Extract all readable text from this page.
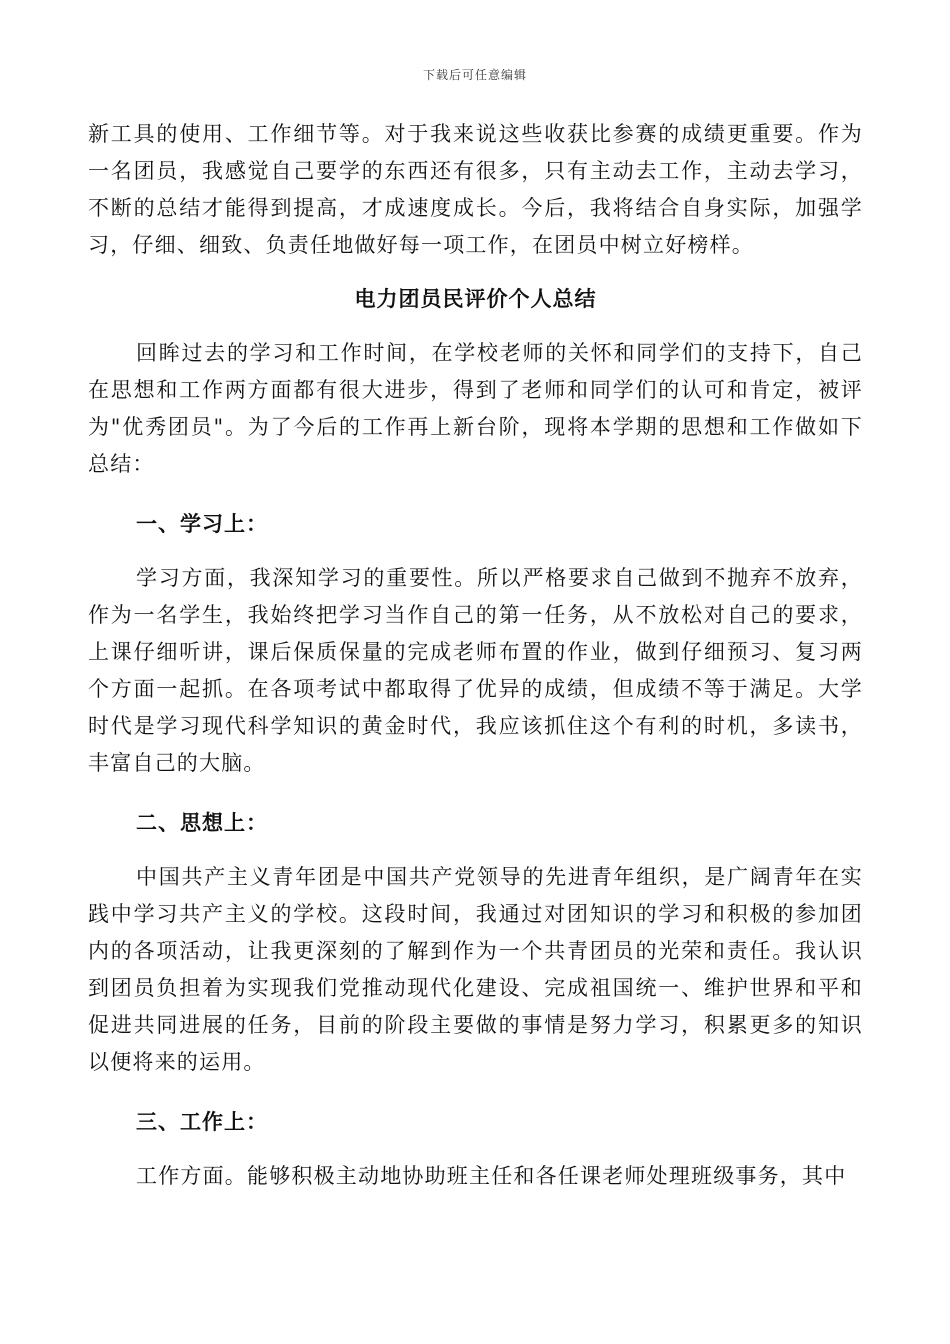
下载后可任意编辑

新工具的使用、工作细节等。对于我来说这些收获比参赛的成绩更重要。作为一名团员，我感觉自己要学的东西还有很多，只有主动去工作，主动去学习，不断的总结才能得到提高，才成速度成长。今后，我将结合自身实际，加强学习，仔细、细致、负责任地做好每一项工作，在团员中树立好榜样。

电力团员民评价个人总结

回眸过去的学习和工作时间，在学校老师的关怀和同学们的支持下，自己在思想和工作两方面都有很大进步，得到了老师和同学们的认可和肯定，被评为"优秀团员"。为了今后的工作再上新台阶，现将本学期的思想和工作做如下总结：

一、学习上：

学习方面，我深知学习的重要性。所以严格要求自己做到不抛弃不放弃，作为一名学生，我始终把学习当作自己的第一任务，从不放松对自己的要求，上课仔细听讲，课后保质保量的完成老师布置的作业，做到仔细预习、复习两个方面一起抓。在各项考试中都取得了优异的成绩，但成绩不等于满足。大学时代是学习现代科学知识的黄金时代，我应该抓住这个有利的时机，多读书，丰富自己的大脑。

二、思想上：

中国共产主义青年团是中国共产党领导的先进青年组织，是广阔青年在实践中学习共产主义的学校。这段时间，我通过对团知识的学习和积极的参加团内的各项活动，让我更深刻的了解到作为一个共青团员的光荣和责任。我认识到团员负担着为实现我们党推动现代化建设、完成祖国统一、维护世界和平和促进共同进展的任务，目前的阶段主要做的事情是努力学习，积累更多的知识以便将来的运用。

三、工作上：

工作方面。能够积极主动地协助班主任和各任课老师处理班级事务，其中
